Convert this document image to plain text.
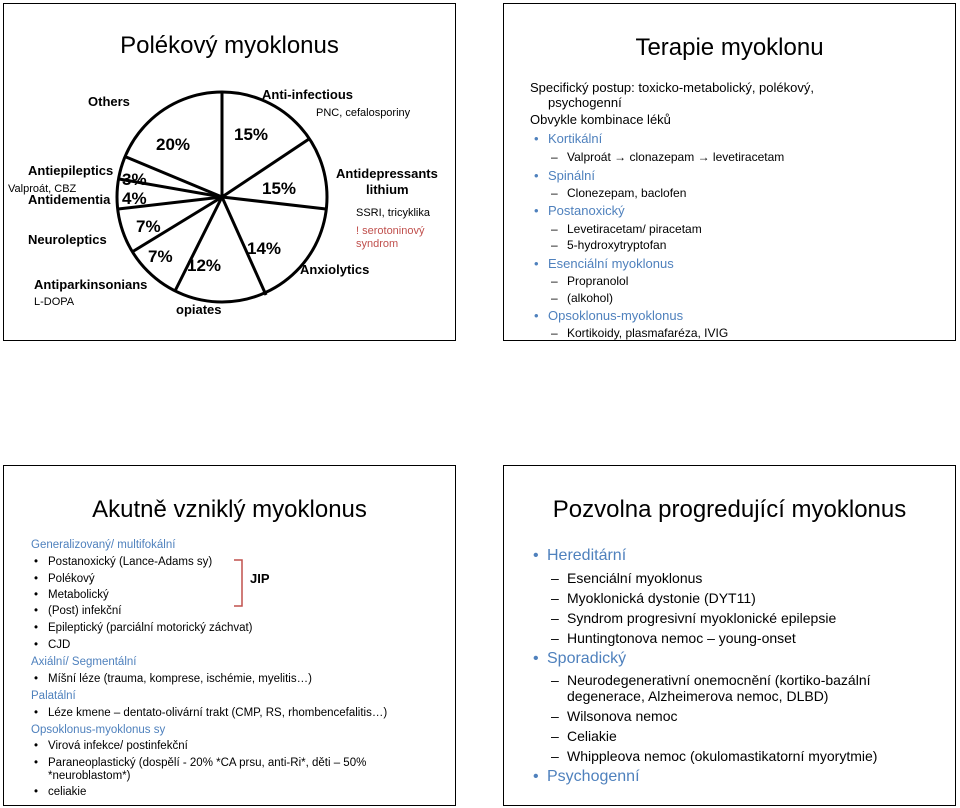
Polékový myoklonus
20%
15%
15%
14%
12%
7%
7%
4%
3%
Others	Anti-infectious
Antidepressants
lithium
Antiepileptics
Antidementia
Neuroleptics
Antiparkinsonians
opiates
Anxiolytics
PNC, cefalosporiny
Valproát, CBZ
SSRI, tricyklika
L-DOPA
! serotoninový
syndrom
Terapie myoklonu
Specifický postup: toxicko-metabolický, polékový,
psychogenní
Obvykle kombinace léků
• Kortikální
– Valproát → clonazepam → levetiracetam
• Spinální
– Clonezepam, baclofen
• Postanoxický
– Levetiracetam/ piracetam
– 5-hydroxytryptofan
• Esenciální myoklonus
– Propranolol
– (alkohol)
• Opsoklonus-myoklonus
– Kortikoidy, plasmafaréza, IVIG
Akutně vzniklý myoklonus
Generalizovaný/ multifokální
• Postanoxický (Lance-Adams sy)
• Polékový
• Metabolický
• (Post) infekční
• Epileptický (parciální motorický záchvat)
• CJD
JIP
Axiální/ Segmentální
• Míšní léze (trauma, komprese, ischémie, myelitis…)
Palatální
• Léze kmene – dentato-olivární trakt (CMP, RS, rhombencefalitis…)
Opsoklonus-myoklonus sy
• Virová infekce/ postinfekční
• Paraneoplastický (dospělí - 20% *CA prsu, anti-Ri*, děti – 50%
*neuroblastom*)
• celiakie
Pozvolna progredující myoklonus
• Hereditární
– Esenciální myoklonus
– Myoklonická dystonie (DYT11)
– Syndrom progresivní myoklonické epilepsie
– Huntingtonova nemoc – young-onset
• Sporadický
– Neurodegenerativní onemocnění (kortiko-bazální
degenerace, Alzheimerova nemoc, DLBD)
– Wilsonova nemoc
– Celiakie
– Whippleova nemoc (okulomastikatorní myorytmie)
• Psychogenní
